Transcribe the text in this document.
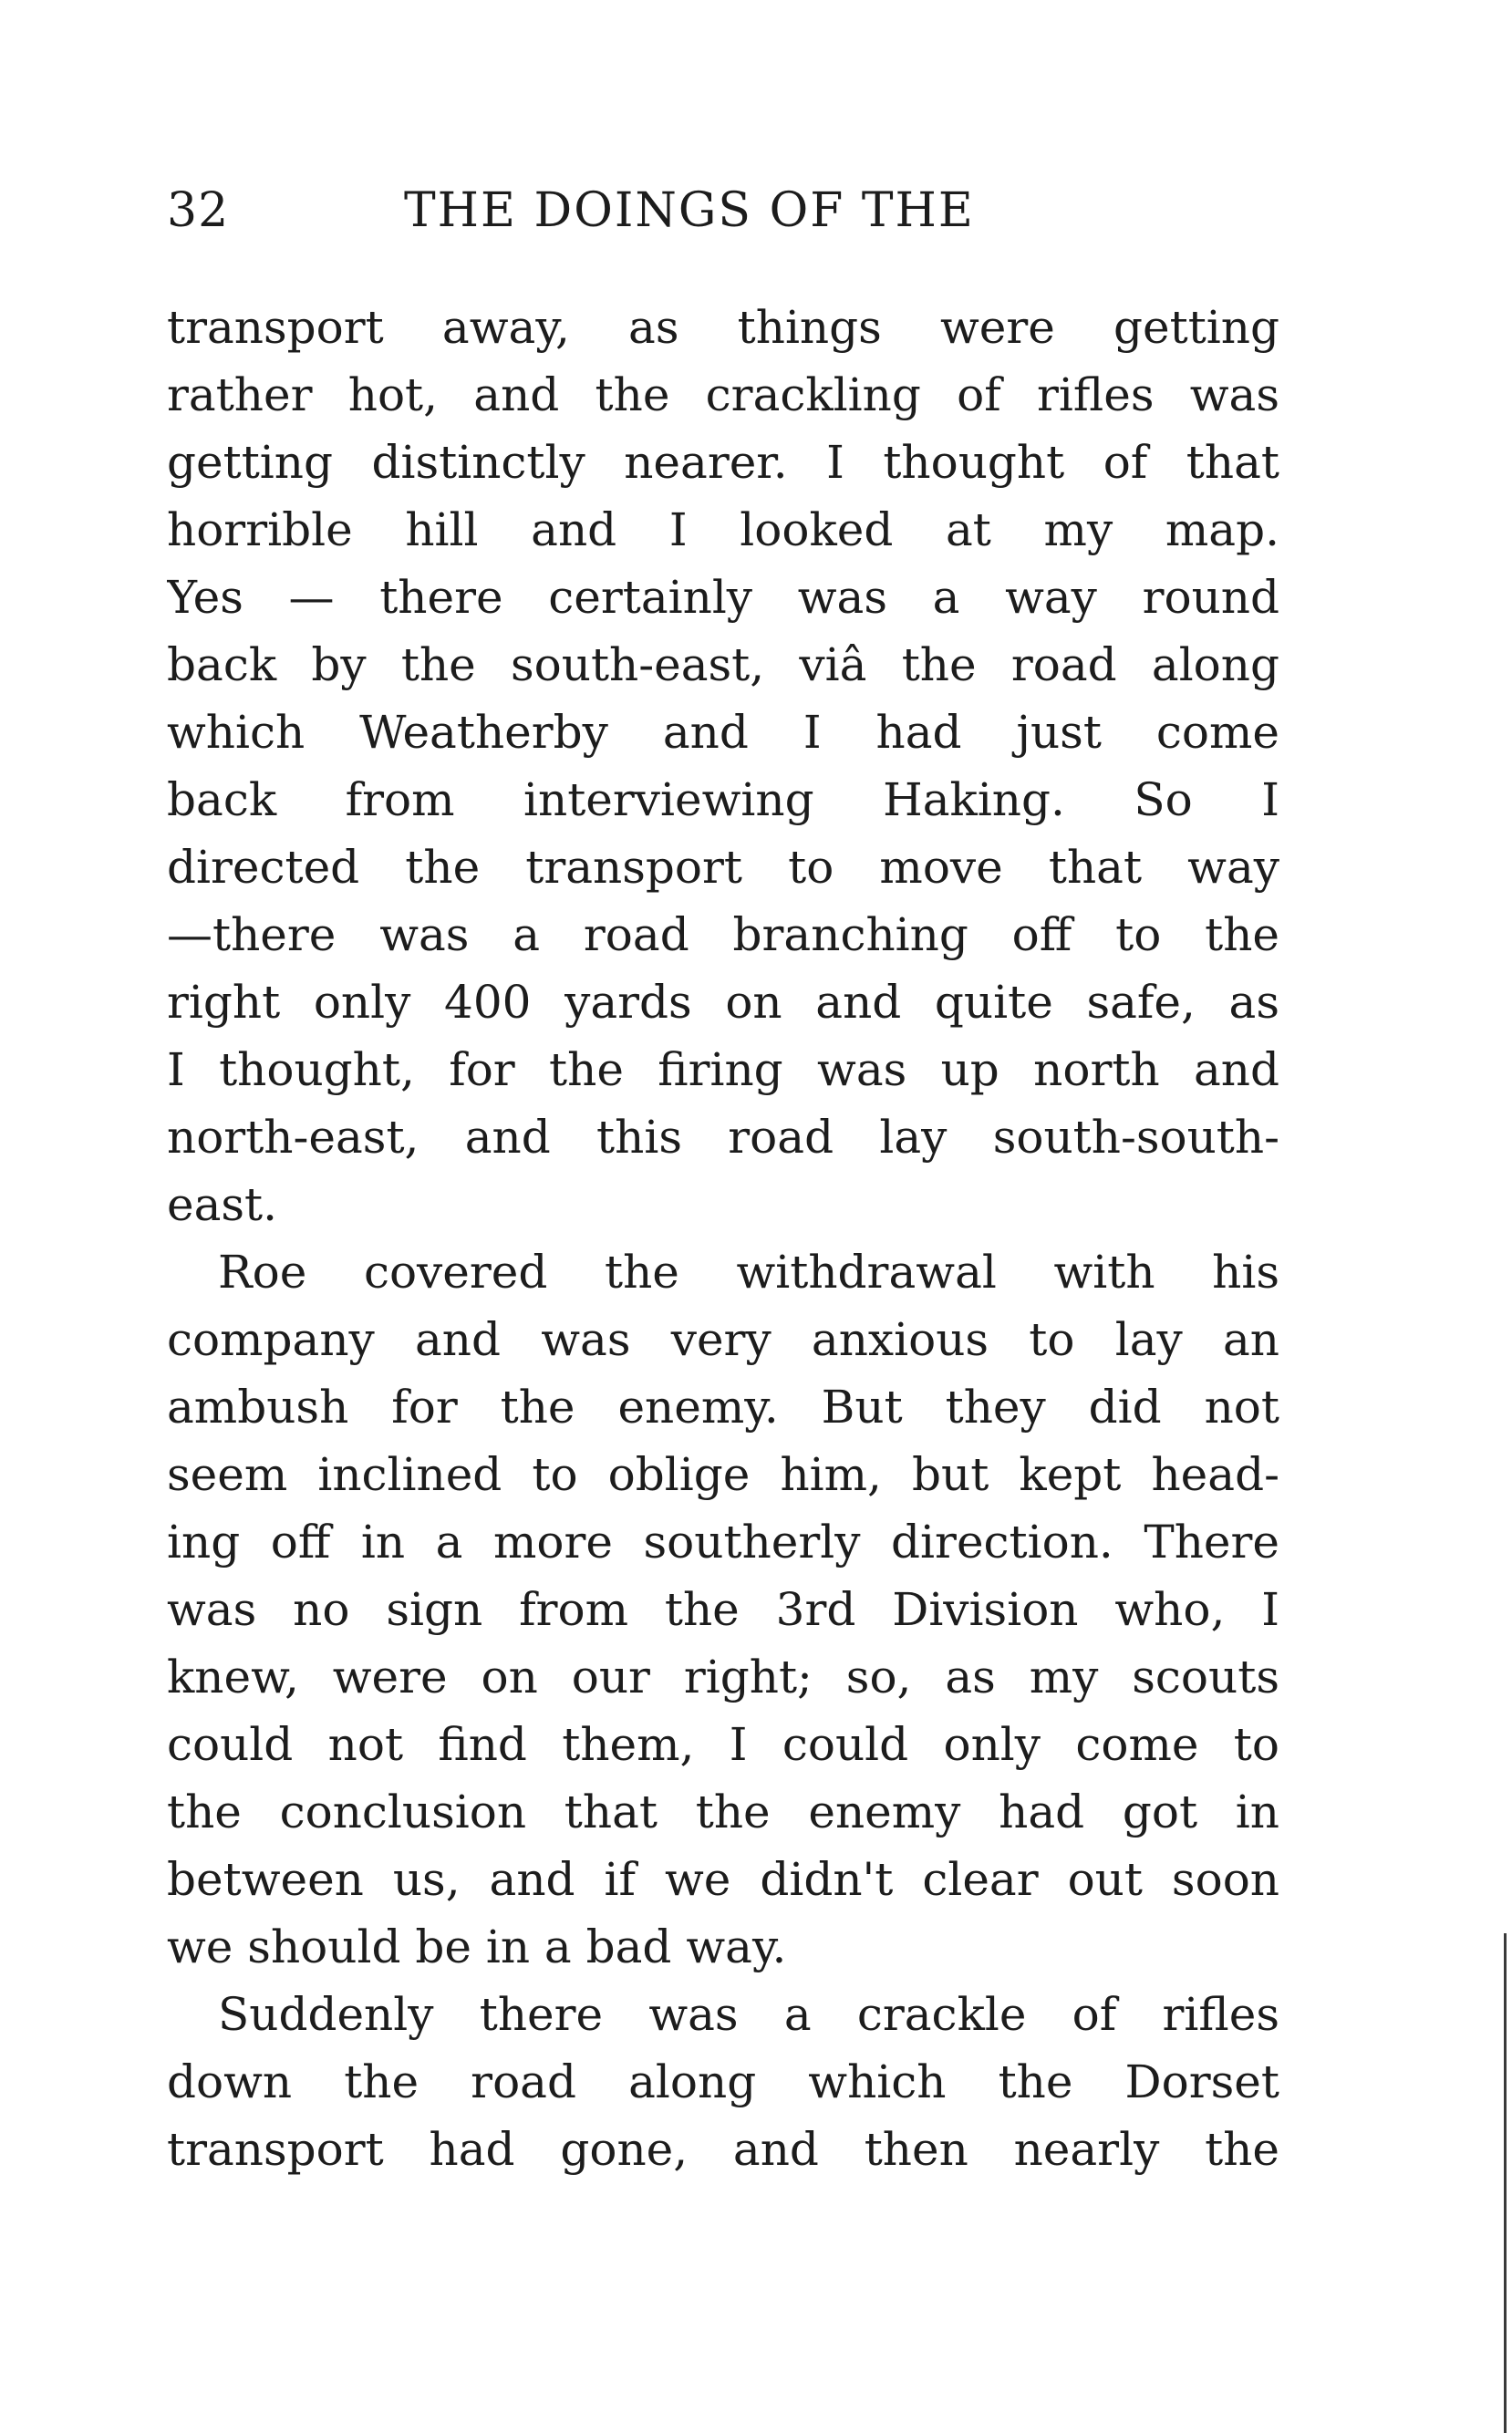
32	THE DOINGS OF THE
transport away, as things were getting
rather hot, and the crackling of rifles was
getting distinctly nearer. I thought of that
horrible hill and I looked at my map.
Yes — there certainly was a way round
back by the south-east, viâ the road along
which Weatherby and I had just come
back from interviewing Haking. So I
directed the transport to move that way
—there was a road branching off to the
right only 400 yards on and quite safe, as
I thought, for the firing was up north and
north-east, and this road lay south-south-
east.
Roe covered the withdrawal with his
company and was very anxious to lay an
ambush for the enemy. But they did not
seem inclined to oblige him, but kept head-
ing off in a more southerly direction. There
was no sign from the 3rd Division who, I
knew, were on our right; so, as my scouts
could not find them, I could only come to
the conclusion that the enemy had got in
between us, and if we didn't clear out soon
we should be in a bad way.
Suddenly there was a crackle of rifles
down the road along which the Dorset
transport had gone, and then nearly the
